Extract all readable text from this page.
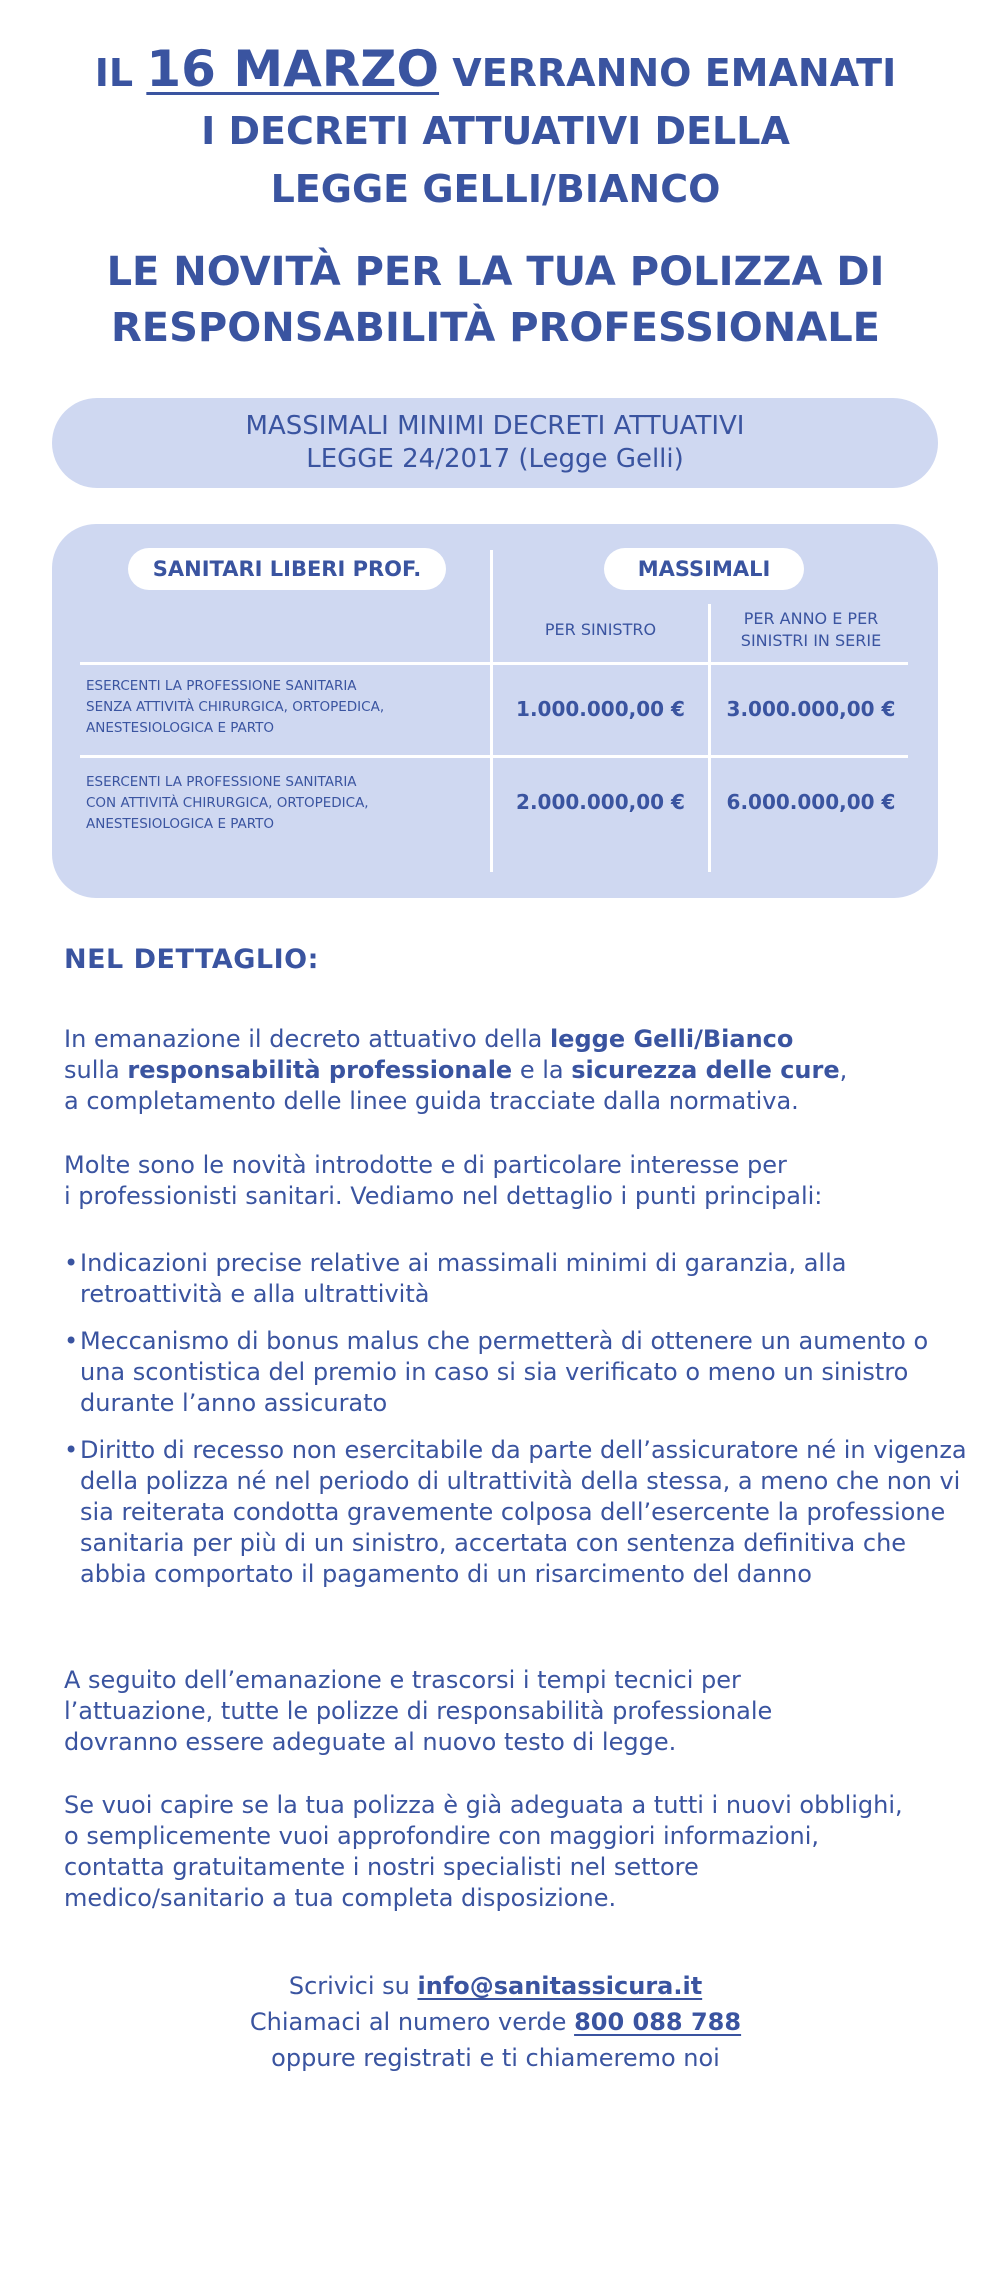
IL 16 MARZO VERRANNO EMANATI
I DECRETI ATTUATIVI DELLA
LEGGE GELLI/BIANCO
LE NOVITÀ PER LA TUA POLIZZA DI
RESPONSABILITÀ PROFESSIONALE
MASSIMALI MINIMI DECRETI ATTUATIVI
LEGGE 24/2017 (Legge Gelli)
SANITARI LIBERI PROF.	MASSIMALI
PER SINISTRO
PER ANNO E PER
SINISTRI IN SERIE
ESERCENTI LA PROFESSIONE SANITARIA
SENZA ATTIVITÀ CHIRURGICA, ORTOPEDICA,
ANESTESIOLOGICA E PARTO
1.000.000,00 €	3.000.000,00 €
ESERCENTI LA PROFESSIONE SANITARIA
CON ATTIVITÀ CHIRURGICA, ORTOPEDICA,
ANESTESIOLOGICA E PARTO
2.000.000,00 €	6.000.000,00 €
NEL DETTAGLIO:
In emanazione il decreto attuativo della legge Gelli/Bianco
sulla responsabilità professionale e la sicurezza delle cure,
a completamento delle linee guida tracciate dalla normativa.
Molte sono le novità introdotte e di particolare interesse per
i professionisti sanitari. Vediamo nel dettaglio i punti principali:
• Indicazioni precise relative ai massimali minimi di garanzia, alla retroattività e alla ultrattività
• Meccanismo di bonus malus che permetterà di ottenere un aumento o una scontistica del premio in caso si sia verificato o meno un sinistro durante l’anno assicurato
• Diritto di recesso non esercitabile da parte dell’assicuratore né in vigenza della polizza né nel periodo di ultrattività della stessa, a meno che non vi sia reiterata condotta gravemente colposa dell’esercente la professione sanitaria per più di un sinistro, accertata con sentenza definitiva che abbia comportato il pagamento di un risarcimento del danno
A seguito dell’emanazione e trascorsi i tempi tecnici per l’attuazione, tutte le polizze di responsabilità professionale dovranno essere adeguate al nuovo testo di legge.
Se vuoi capire se la tua polizza è già adeguata a tutti i nuovi obblighi, o semplicemente vuoi approfondire con maggiori informazioni, contatta gratuitamente i nostri specialisti nel settore medico/sanitario a tua completa disposizione.
Scrivici su info@sanitassicura.it
Chiamaci al numero verde 800 088 788
oppure registrati e ti chiameremo noi
